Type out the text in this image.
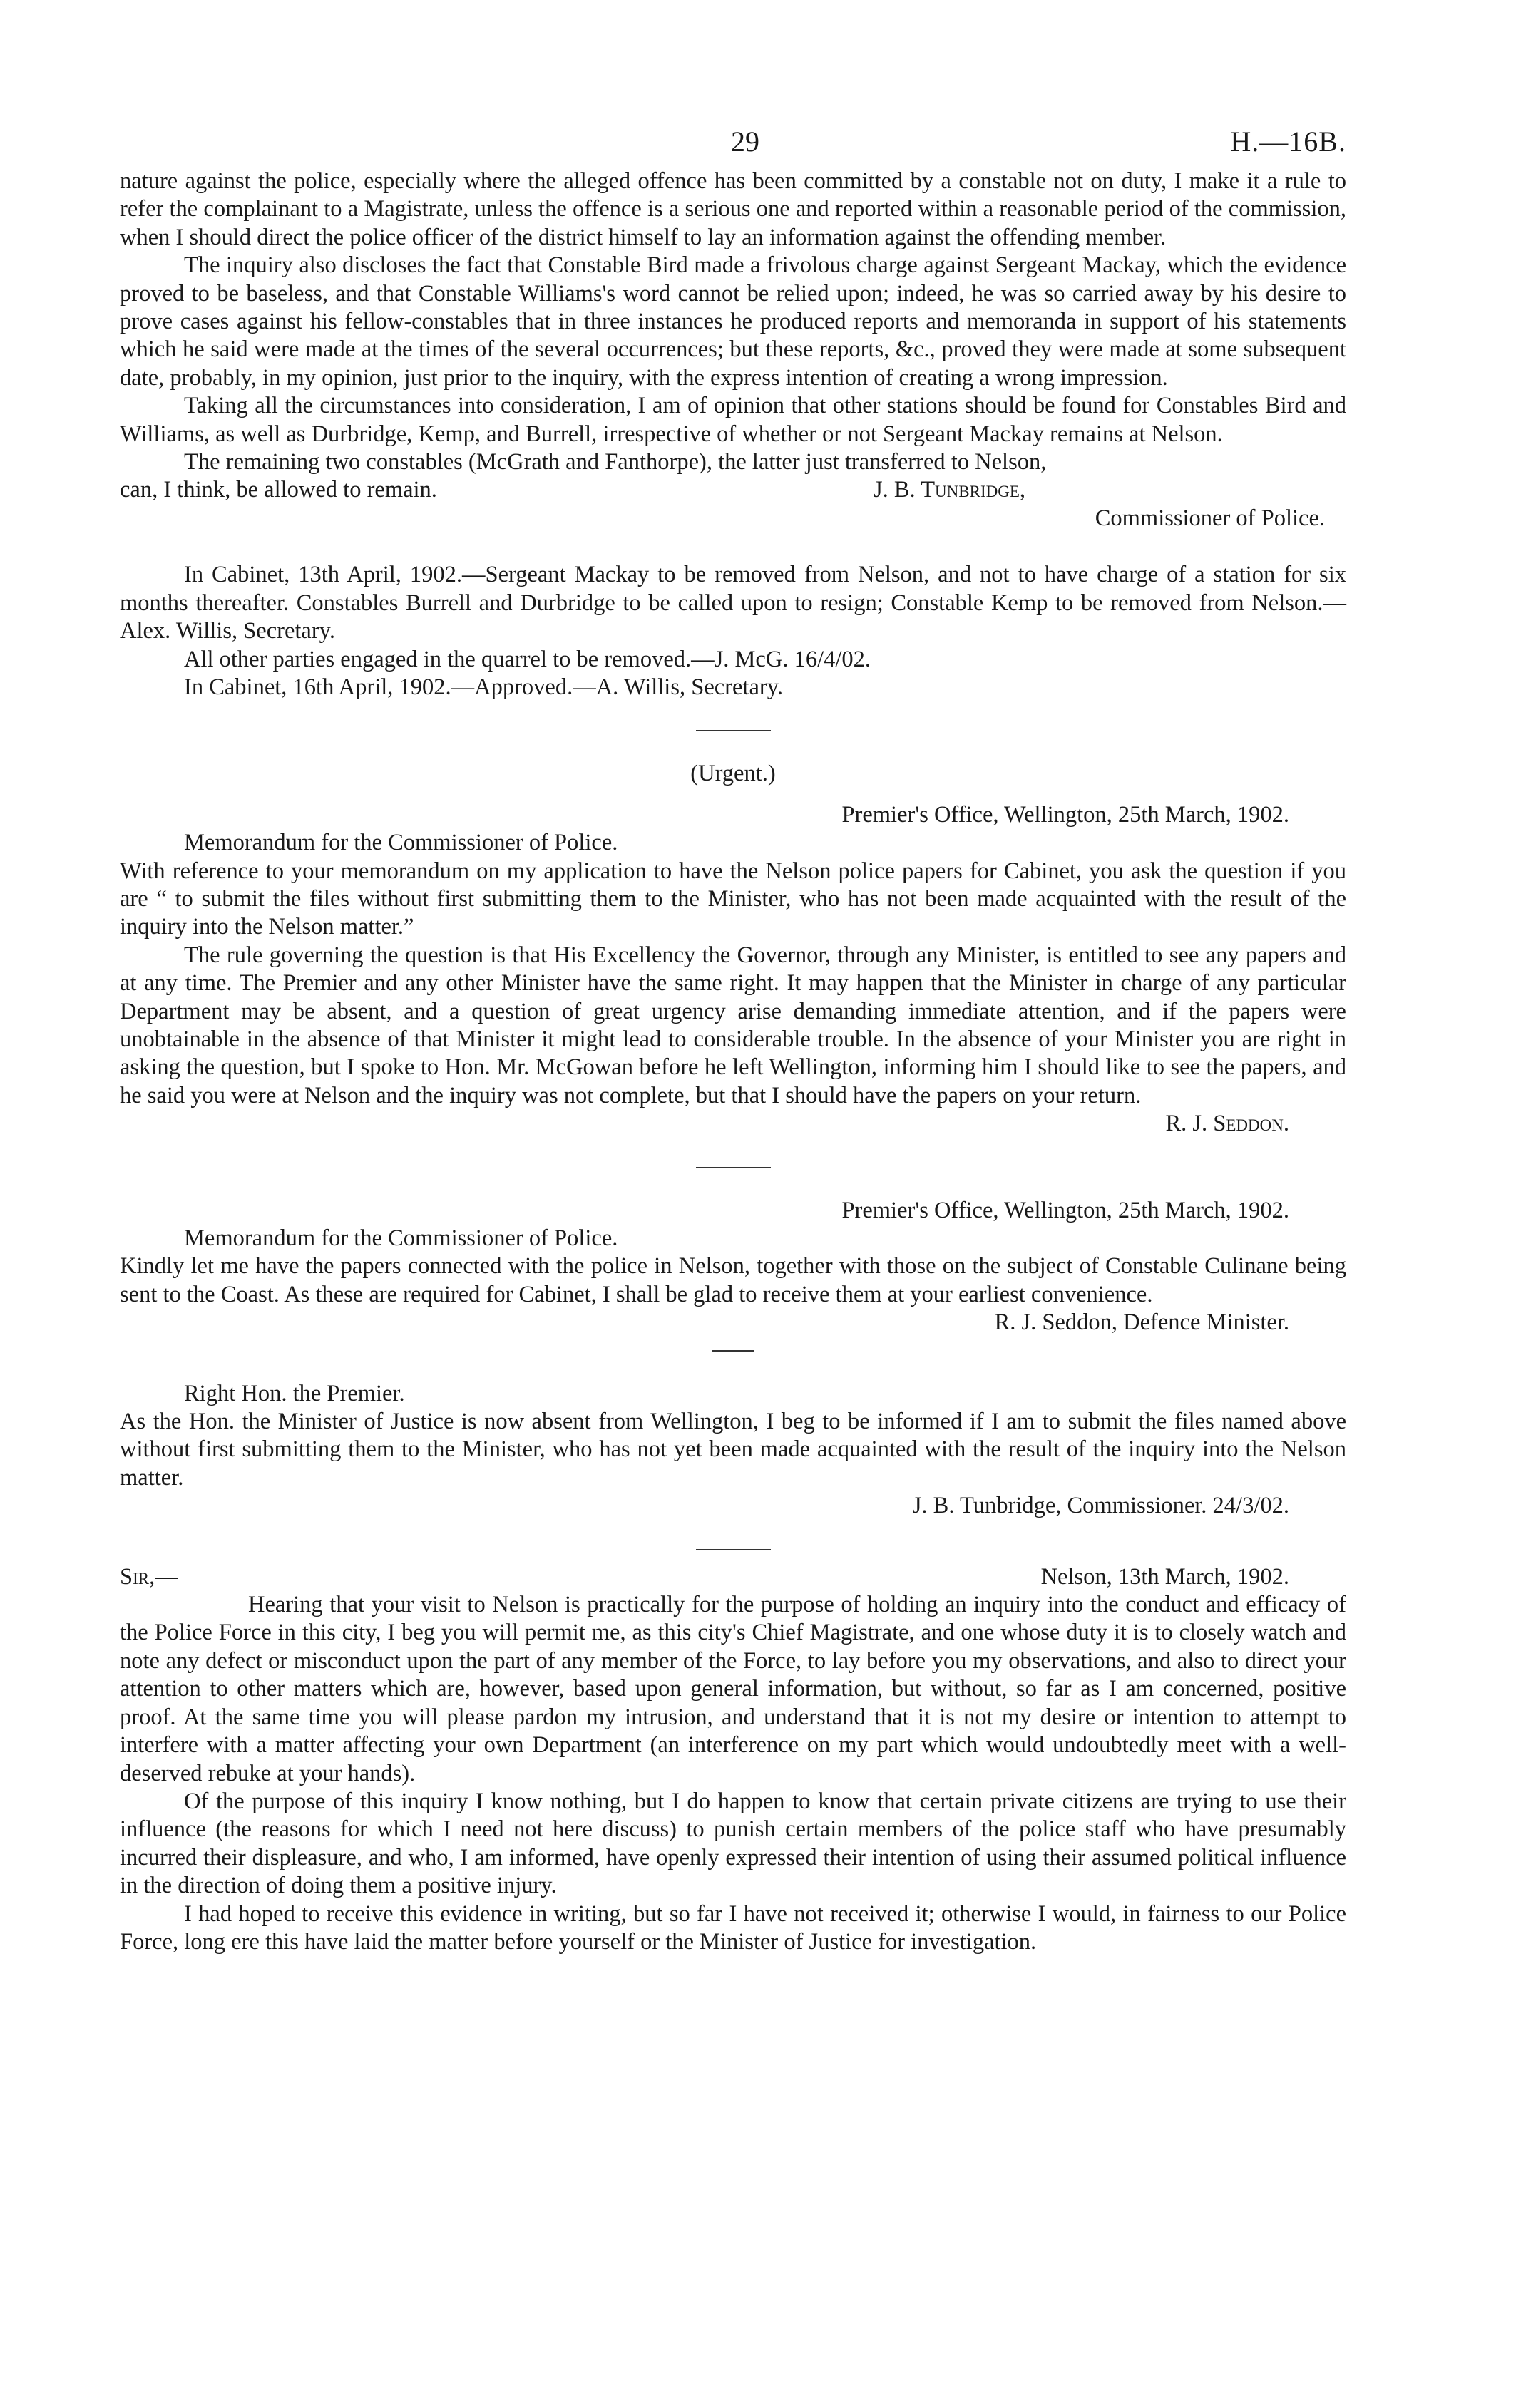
29	H.—16B.

nature against the police, especially where the alleged offence has been committed by a constable not on duty, I make it a rule to refer the complainant to a Magistrate, unless the offence is a serious one and reported within a reasonable period of the commission, when I should direct the police officer of the district himself to lay an information against the offending member.

The inquiry also discloses the fact that Constable Bird made a frivolous charge against Sergeant Mackay, which the evidence proved to be baseless, and that Constable Williams's word cannot be relied upon; indeed, he was so carried away by his desire to prove cases against his fellow-constables that in three instances he produced reports and memoranda in support of his statements which he said were made at the times of the several occurrences; but these reports, &c., proved they were made at some subsequent date, probably, in my opinion, just prior to the inquiry, with the express intention of creating a wrong impression.

Taking all the circumstances into consideration, I am of opinion that other stations should be found for Constables Bird and Williams, as well as Durbridge, Kemp, and Burrell, irrespective of whether or not Sergeant Mackay remains at Nelson.

The remaining two constables (McGrath and Fanthorpe), the latter just transferred to Nelson,

can, I think, be allowed to remain.	J. B. Tunbridge,

Commissioner of Police.

In Cabinet, 13th April, 1902.—Sergeant Mackay to be removed from Nelson, and not to have charge of a station for six months thereafter. Constables Burrell and Durbridge to be called upon to resign; Constable Kemp to be removed from Nelson.—Alex. Willis, Secretary.

All other parties engaged in the quarrel to be removed.—J. McG. 16/4/02.

In Cabinet, 16th April, 1902.—Approved.—A. Willis, Secretary.

(Urgent.)

Premier's Office, Wellington, 25th March, 1902.

Memorandum for the Commissioner of Police.

With reference to your memorandum on my application to have the Nelson police papers for Cabinet, you ask the question if you are “ to submit the files without first submitting them to the Minister, who has not been made acquainted with the result of the inquiry into the Nelson matter.”

The rule governing the question is that His Excellency the Governor, through any Minister, is entitled to see any papers and at any time. The Premier and any other Minister have the same right. It may happen that the Minister in charge of any particular Department may be absent, and a question of great urgency arise demanding immediate attention, and if the papers were unobtainable in the absence of that Minister it might lead to considerable trouble. In the absence of your Minister you are right in asking the question, but I spoke to Hon. Mr. McGowan before he left Wellington, informing him I should like to see the papers, and he said you were at Nelson and the inquiry was not complete, but that I should have the papers on your return.

R. J. Seddon.

Premier's Office, Wellington, 25th March, 1902.

Memorandum for the Commissioner of Police.

Kindly let me have the papers connected with the police in Nelson, together with those on the subject of Constable Culinane being sent to the Coast. As these are required for Cabinet, I shall be glad to receive them at your earliest convenience.

R. J. Seddon, Defence Minister.

Right Hon. the Premier.

As the Hon. the Minister of Justice is now absent from Wellington, I beg to be informed if I am to submit the files named above without first submitting them to the Minister, who has not yet been made acquainted with the result of the inquiry into the Nelson matter.

J. B. Tunbridge, Commissioner. 24/3/02.

Sir,—	Nelson, 13th March, 1902.

Hearing that your visit to Nelson is practically for the purpose of holding an inquiry into the conduct and efficacy of the Police Force in this city, I beg you will permit me, as this city's Chief Magistrate, and one whose duty it is to closely watch and note any defect or misconduct upon the part of any member of the Force, to lay before you my observations, and also to direct your attention to other matters which are, however, based upon general information, but without, so far as I am concerned, positive proof. At the same time you will please pardon my intrusion, and understand that it is not my desire or intention to attempt to interfere with a matter affecting your own Department (an interference on my part which would undoubtedly meet with a well-deserved rebuke at your hands).

Of the purpose of this inquiry I know nothing, but I do happen to know that certain private citizens are trying to use their influence (the reasons for which I need not here discuss) to punish certain members of the police staff who have presumably incurred their displeasure, and who, I am informed, have openly expressed their intention of using their assumed political influence in the direction of doing them a positive injury.

I had hoped to receive this evidence in writing, but so far I have not received it; otherwise I would, in fairness to our Police Force, long ere this have laid the matter before yourself or the Minister of Justice for investigation.
